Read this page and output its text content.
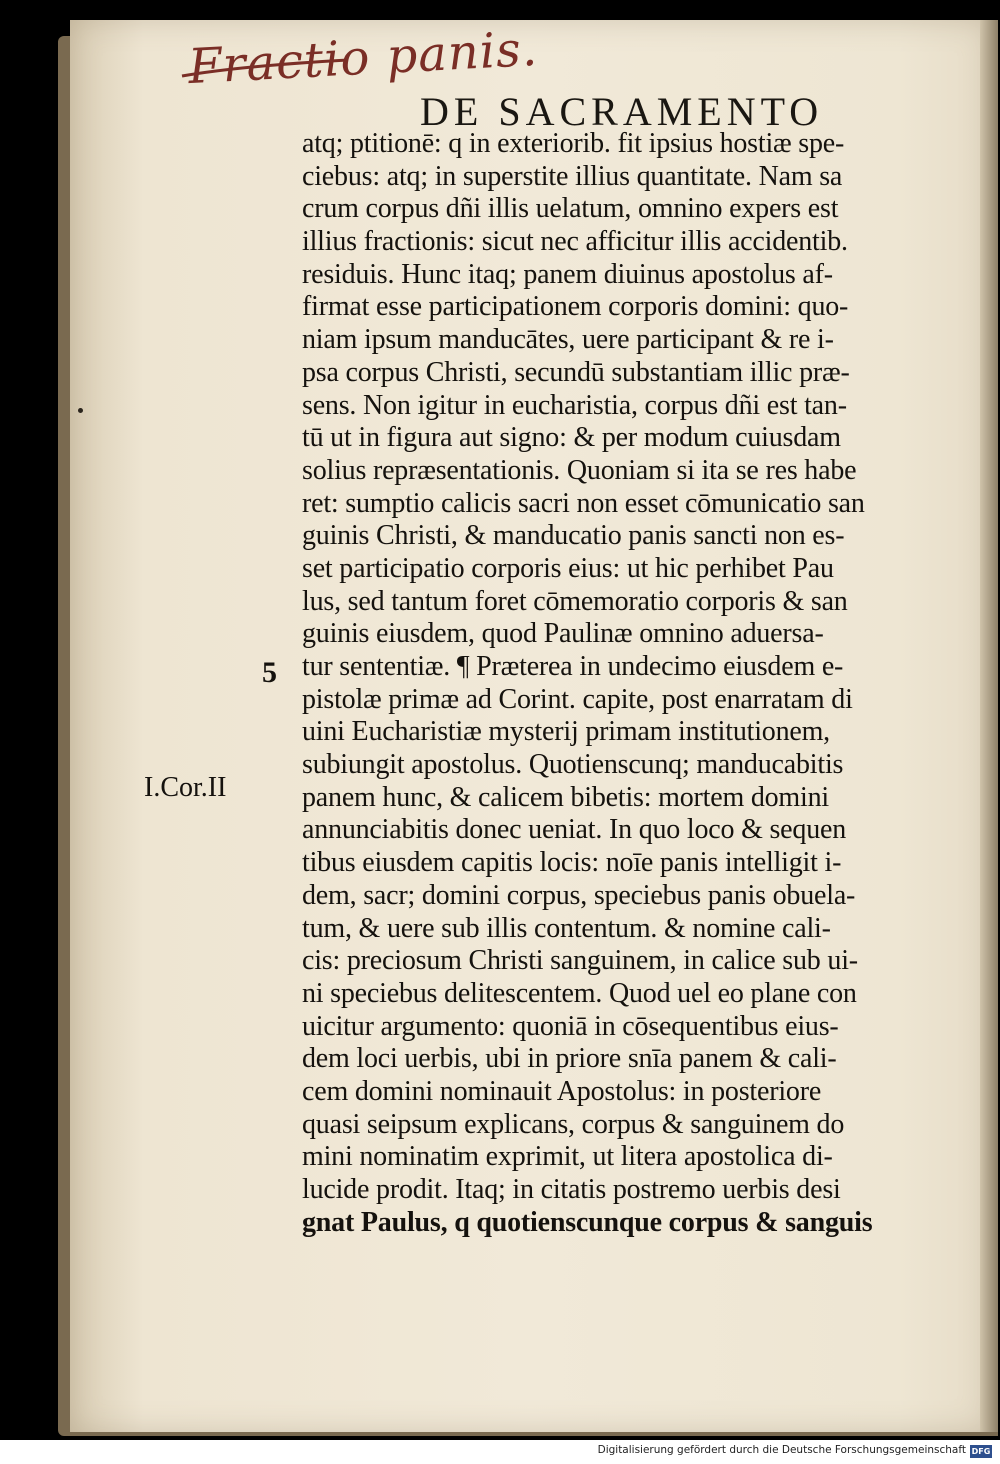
Fractio panis.
DE SACRAMENTO
5
I.Cor.II
atq; ptitionē: q in exteriorib. fit ipsius hostiæ spe-
ciebus: atq; in superstite illius quantitate. Nam sa
crum corpus dñi illis uelatum, omnino expers est
illius fractionis: sicut nec afficitur illis accidentib.
residuis. Hunc itaq; panem diuinus apostolus af-
firmat esse participationem corporis domini: quo-
niam ipsum manducātes, uere participant & re i-
psa corpus Christi, secundū substantiam illic præ-
sens. Non igitur in eucharistia, corpus dñi est tan-
tū ut in figura aut signo: & per modum cuiusdam
solius repræsentationis. Quoniam si ita se res habe
ret: sumptio calicis sacri non esset cōmunicatio san
guinis Christi, & manducatio panis sancti non es-
set participatio corporis eius: ut hic perhibet Pau
lus, sed tantum foret cōmemoratio corporis & san
guinis eiusdem, quod Paulinæ omnino aduersa-
tur sententiæ. ¶ Præterea in undecimo eiusdem e-
pistolæ primæ ad Corint. capite, post enarratam di
uini Eucharistiæ mysterij primam institutionem,
subiungit apostolus. Quotienscunq; manducabitis
panem hunc, & calicem bibetis: mortem domini
annunciabitis donec ueniat. In quo loco & sequen
tibus eiusdem capitis locis: noīe panis intelligit i-
dem, sacr; domini corpus, speciebus panis obuela-
tum, & uere sub illis contentum. & nomine cali-
cis: preciosum Christi sanguinem, in calice sub ui-
ni speciebus delitescentem. Quod uel eo plane con
uicitur argumento: quoniā in cōsequentibus eius-
dem loci uerbis, ubi in priore snīa panem & cali-
cem domini nominauit Apostolus: in posteriore
quasi seipsum explicans, corpus & sanguinem do
mini nominatim exprimit, ut litera apostolica di-
lucide prodit. Itaq; in citatis postremo uerbis desi
gnat Paulus, q quotienscunque corpus & sanguis
Digitalisierung gefördert durch die Deutsche Forschungsgemeinschaft DFG
